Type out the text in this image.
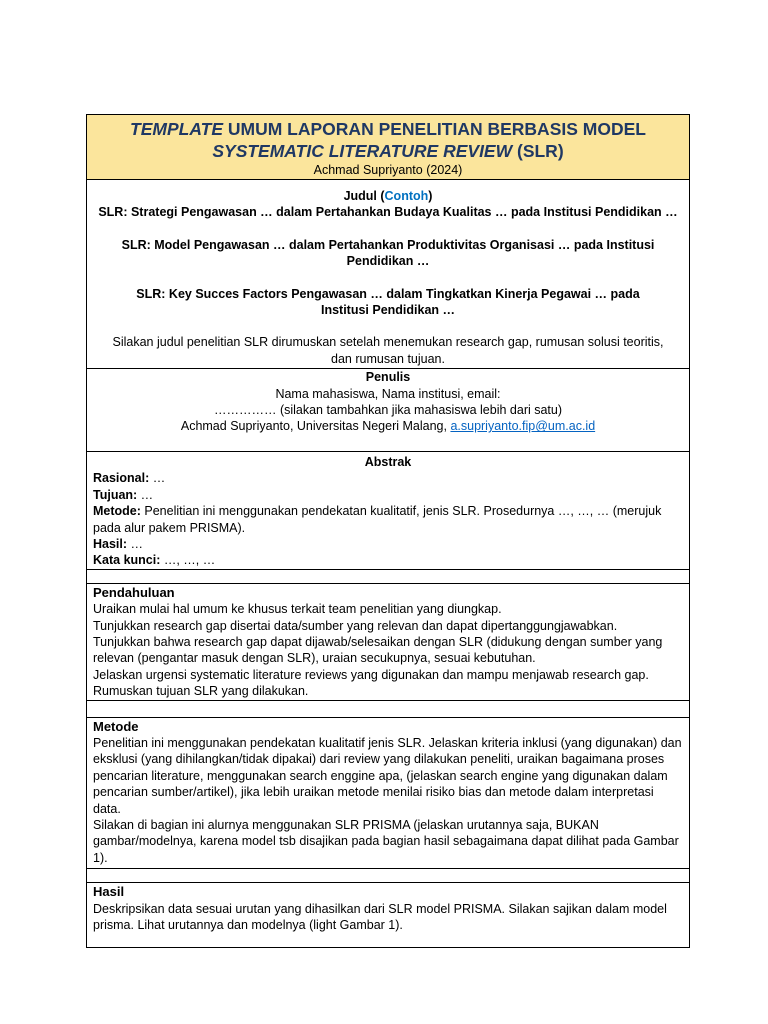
TEMPLATE UMUM LAPORAN PENELITIAN BERBASIS MODEL
SYSTEMATIC LITERATURE REVIEW (SLR)
Achmad Supriyanto (2024)

Judul (Contoh)
SLR: Strategi Pengawasan … dalam Pertahankan Budaya Kualitas … pada Institusi Pendidikan …
SLR: Model Pengawasan … dalam Pertahankan Produktivitas Organisasi … pada Institusi Pendidikan …
SLR: Key Succes Factors Pengawasan … dalam Tingkatkan Kinerja Pegawai … pada Institusi Pendidikan …
Silakan judul penelitian SLR dirumuskan setelah menemukan research gap, rumusan solusi teoritis, dan rumusan tujuan.

Penulis
Nama mahasiswa, Nama institusi, email:
…………… (silakan tambahkan jika mahasiswa lebih dari satu)
Achmad Supriyanto, Universitas Negeri Malang, a.supriyanto.fip@um.ac.id

Abstrak
Rasional: …
Tujuan: …
Metode: Penelitian ini menggunakan pendekatan kualitatif, jenis SLR. Prosedurnya …, …, … (merujuk pada alur pakem PRISMA).
Hasil: …
Kata kunci: …, …, …

Pendahuluan

Uraikan mulai hal umum ke khusus terkait team penelitian yang diungkap.

Tunjukkan research gap disertai data/sumber yang relevan dan dapat dipertanggungjawabkan.

Tunjukkan bahwa research gap dapat dijawab/selesaikan dengan SLR (didukung dengan sumber yang relevan (pengantar masuk dengan SLR), uraian secukupnya, sesuai kebutuhan.

Jelaskan urgensi systematic literature reviews yang digunakan dan mampu menjawab research gap.

Rumuskan tujuan SLR yang dilakukan.

Metode

Penelitian ini menggunakan pendekatan kualitatif jenis SLR. Jelaskan kriteria inklusi (yang digunakan) dan eksklusi (yang dihilangkan/tidak dipakai) dari review yang dilakukan peneliti, uraikan bagaimana proses pencarian literature, menggunakan search enggine apa, (jelaskan search engine yang digunakan dalam pencarian sumber/artikel), jika lebih uraikan metode menilai risiko bias dan metode dalam interpretasi data.

Silakan di bagian ini alurnya menggunakan SLR PRISMA (jelaskan urutannya saja, BUKAN gambar/modelnya, karena model tsb disajikan pada bagian hasil sebagaimana dapat dilihat pada Gambar 1).

Hasil

Deskripsikan data sesuai urutan yang dihasilkan dari SLR model PRISMA. Silakan sajikan dalam model prisma. Lihat urutannya dan modelnya (light Gambar 1).
